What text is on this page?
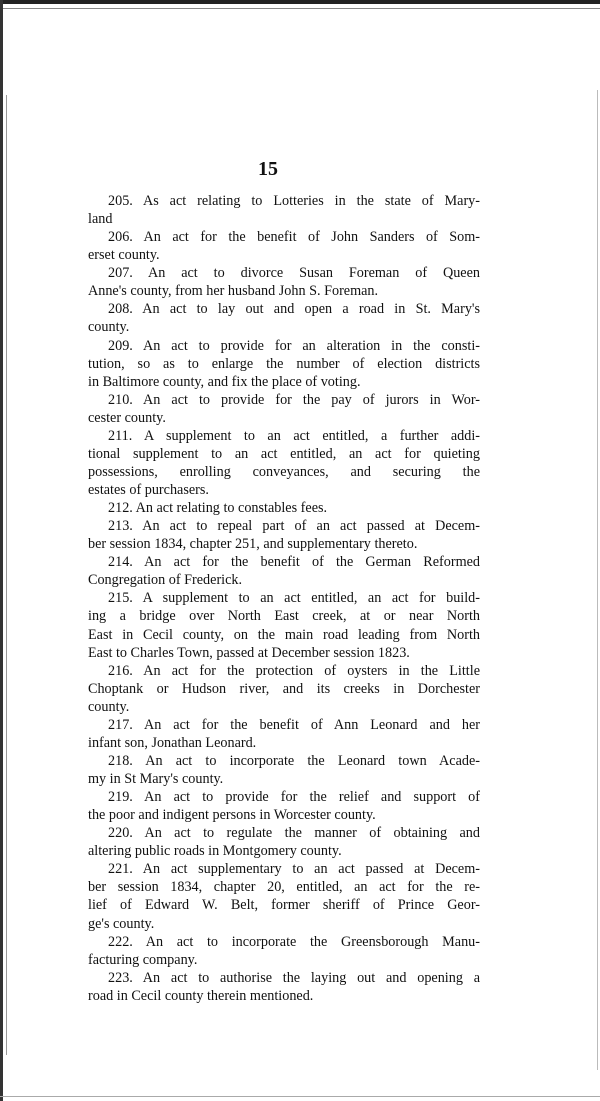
15
205. As act relating to Lotteries in the state of Mary-
land
206. An act for the benefit of John Sanders of Som-
erset county.
207. An act to divorce Susan Foreman of Queen
Anne's county, from her husband John S. Foreman.
208. An act to lay out and open a road in St. Mary's
county.
209. An act to provide for an alteration in the consti-
tution, so as to enlarge the number of election districts
in Baltimore county, and fix the place of voting.
210. An act to provide for the pay of jurors in Wor-
cester county.
211. A supplement to an act entitled, a further addi-
tional supplement to an act entitled, an act for quieting
possessions, enrolling conveyances, and securing the
estates of purchasers.
212. An act relating to constables fees.
213. An act to repeal part of an act passed at Decem-
ber session 1834, chapter 251, and supplementary thereto.
214. An act for the benefit of the German Reformed
Congregation of Frederick.
215. A supplement to an act entitled, an act for build-
ing a bridge over North East creek, at or near North
East in Cecil county, on the main road leading from North
East to Charles Town, passed at December session 1823.
216. An act for the protection of oysters in the Little
Choptank or Hudson river, and its creeks in Dorchester
county.
217. An act for the benefit of Ann Leonard and her
infant son, Jonathan Leonard.
218. An act to incorporate the Leonard town Acade-
my in St Mary's county.
219. An act to provide for the relief and support of
the poor and indigent persons in Worcester county.
220. An act to regulate the manner of obtaining and
altering public roads in Montgomery county.
221. An act supplementary to an act passed at Decem-
ber session 1834, chapter 20, entitled, an act for the re-
lief of Edward W. Belt, former sheriff of Prince Geor-
ge's county.
222. An act to incorporate the Greensborough Manu-
facturing company.
223. An act to authorise the laying out and opening a
road in Cecil county therein mentioned.
